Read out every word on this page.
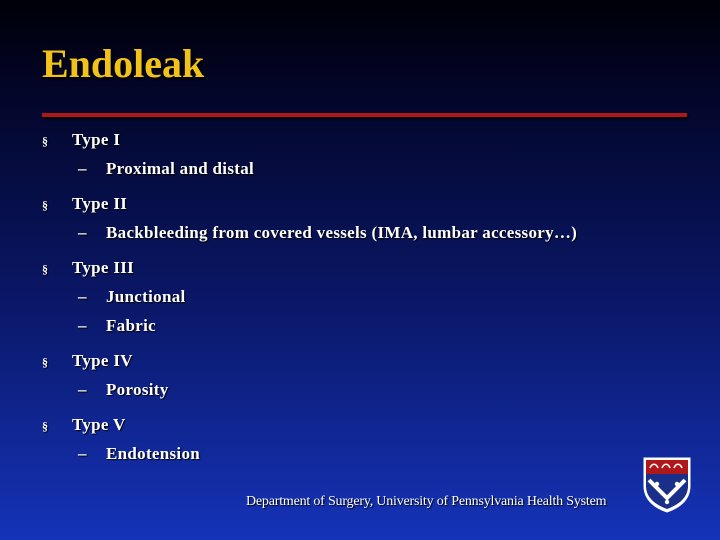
Endoleak
§	Type I
–	Proximal and distal
§	Type II
–	Backbleeding from covered vessels (IMA, lumbar accessory…)
§	Type III
–	Junctional
–	Fabric
§	Type IV
–	Porosity
§	Type V
–	Endotension
Department of Surgery, University of Pennsylvania Health System
